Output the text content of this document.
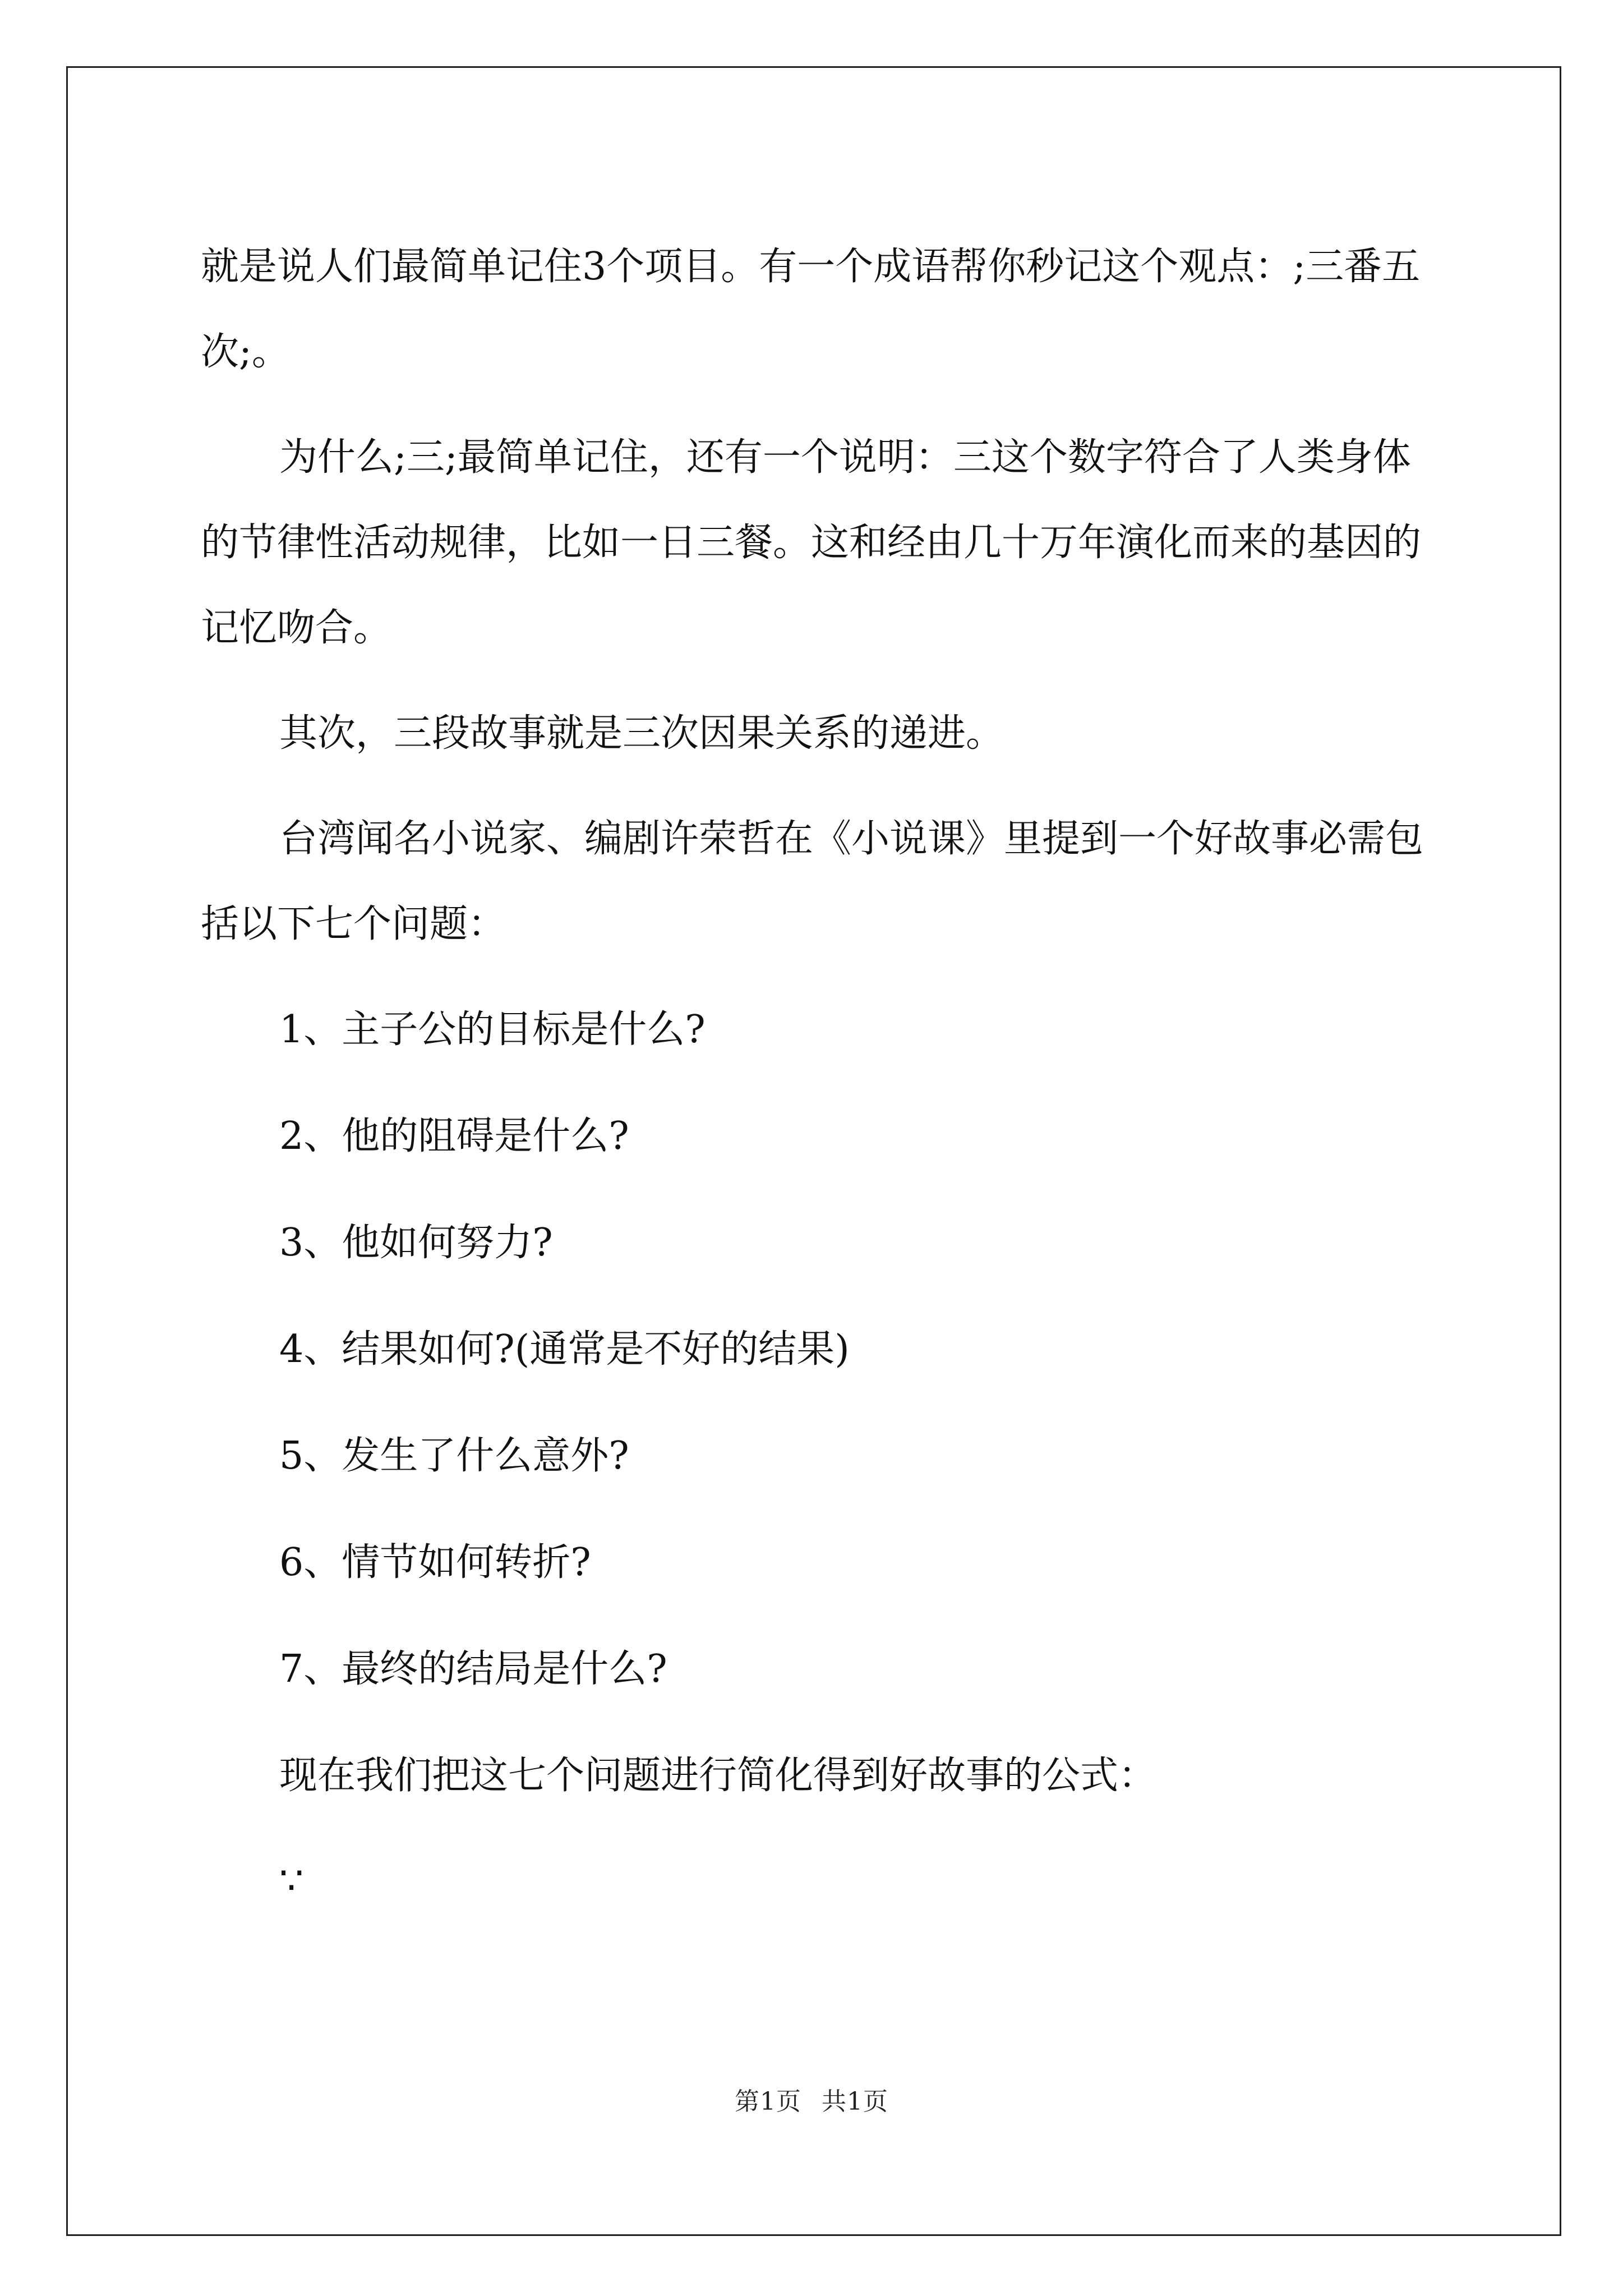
就是说人们最简单记住3个项目。有一个成语帮你秒记这个观点：;三番五次;。

为什么;三;最简单记住，还有一个说明：三这个数字符合了人类身体的节律性活动规律，比如一日三餐。这和经由几十万年演化而来的基因的记忆吻合。

其次，三段故事就是三次因果关系的递进。

台湾闻名小说家、编剧许荣哲在《小说课》里提到一个好故事必需包括以下七个问题：

1、主子公的目标是什么?

2、他的阻碍是什么?

3、他如何努力?

4、结果如何?(通常是不好的结果)

5、发生了什么意外?

6、情节如何转折?

7、最终的结局是什么?

现在我们把这七个问题进行简化得到好故事的公式：

∵

第1页 共1页
